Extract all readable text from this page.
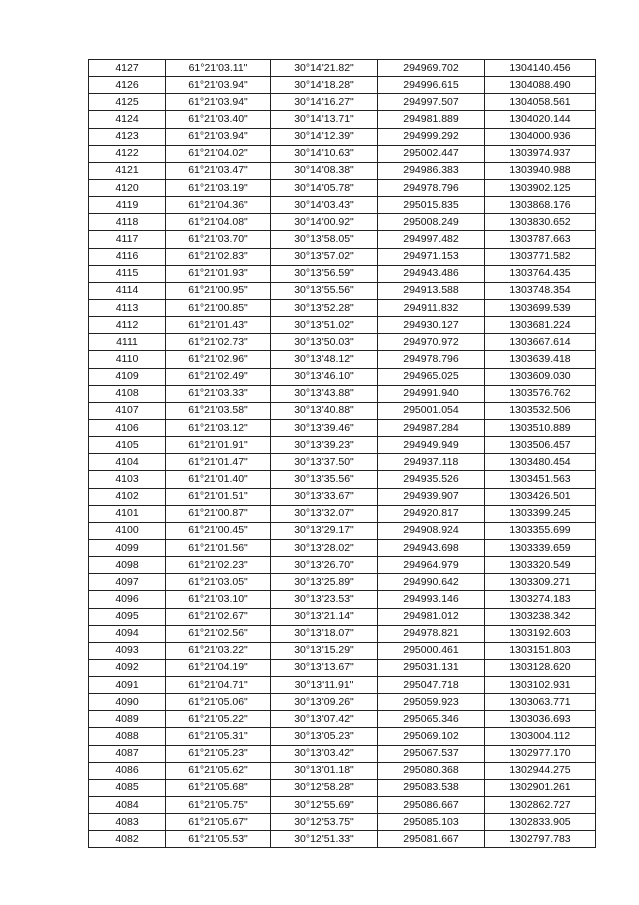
4127	61°21'03.11"	30°14'21.82"	294969.702	1304140.456
4126	61°21'03.94"	30°14'18.28"	294996.615	1304088.490
4125	61°21'03.94"	30°14'16.27"	294997.507	1304058.561
4124	61°21'03.40"	30°14'13.71"	294981.889	1304020.144
4123	61°21'03.94"	30°14'12.39"	294999.292	1304000.936
4122	61°21'04.02"	30°14'10.63"	295002.447	1303974.937
4121	61°21'03.47"	30°14'08.38"	294986.383	1303940.988
4120	61°21'03.19"	30°14'05.78"	294978.796	1303902.125
4119	61°21'04.36"	30°14'03.43"	295015.835	1303868.176
4118	61°21'04.08"	30°14'00.92"	295008.249	1303830.652
4117	61°21'03.70"	30°13'58.05"	294997.482	1303787.663
4116	61°21'02.83"	30°13'57.02"	294971.153	1303771.582
4115	61°21'01.93"	30°13'56.59"	294943.486	1303764.435
4114	61°21'00.95"	30°13'55.56"	294913.588	1303748.354
4113	61°21'00.85"	30°13'52.28"	294911.832	1303699.539
4112	61°21'01.43"	30°13'51.02"	294930.127	1303681.224
4111	61°21'02.73"	30°13'50.03"	294970.972	1303667.614
4110	61°21'02.96"	30°13'48.12"	294978.796	1303639.418
4109	61°21'02.49"	30°13'46.10"	294965.025	1303609.030
4108	61°21'03.33"	30°13'43.88"	294991.940	1303576.762
4107	61°21'03.58"	30°13'40.88"	295001.054	1303532.506
4106	61°21'03.12"	30°13'39.46"	294987.284	1303510.889
4105	61°21'01.91"	30°13'39.23"	294949.949	1303506.457
4104	61°21'01.47"	30°13'37.50"	294937.118	1303480.454
4103	61°21'01.40"	30°13'35.56"	294935.526	1303451.563
4102	61°21'01.51"	30°13'33.67"	294939.907	1303426.501
4101	61°21'00.87"	30°13'32.07"	294920.817	1303399.245
4100	61°21'00.45"	30°13'29.17"	294908.924	1303355.699
4099	61°21'01.56"	30°13'28.02"	294943.698	1303339.659
4098	61°21'02.23"	30°13'26.70"	294964.979	1303320.549
4097	61°21'03.05"	30°13'25.89"	294990.642	1303309.271
4096	61°21'03.10"	30°13'23.53"	294993.146	1303274.183
4095	61°21'02.67"	30°13'21.14"	294981.012	1303238.342
4094	61°21'02.56"	30°13'18.07"	294978.821	1303192.603
4093	61°21'03.22"	30°13'15.29"	295000.461	1303151.803
4092	61°21'04.19"	30°13'13.67"	295031.131	1303128.620
4091	61°21'04.71"	30°13'11.91"	295047.718	1303102.931
4090	61°21'05.06"	30°13'09.26"	295059.923	1303063.771
4089	61°21'05.22"	30°13'07.42"	295065.346	1303036.693
4088	61°21'05.31"	30°13'05.23"	295069.102	1303004.112
4087	61°21'05.23"	30°13'03.42"	295067.537	1302977.170
4086	61°21'05.62"	30°13'01.18"	295080.368	1302944.275
4085	61°21'05.68"	30°12'58.28"	295083.538	1302901.261
4084	61°21'05.75"	30°12'55.69"	295086.667	1302862.727
4083	61°21'05.67"	30°12'53.75"	295085.103	1302833.905
4082	61°21'05.53"	30°12'51.33"	295081.667	1302797.783
